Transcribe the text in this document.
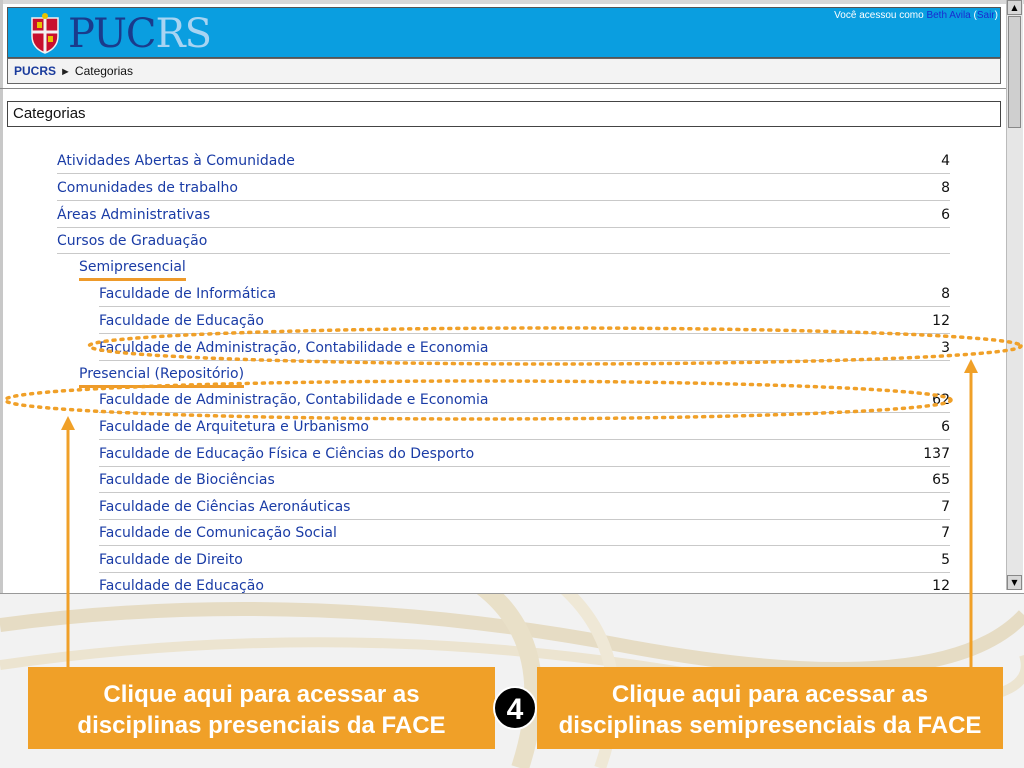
PUCRS	Você acessou como Beth Avila (Sair)
PUCRS ► Categorias
Categorias
Atividades Abertas à Comunidade	4
Comunidades de trabalho	8
Áreas Administrativas	6
Cursos de Graduação
Semipresencial
Faculdade de Informática	8
Faculdade de Educação	12
Faculdade de Administração, Contabilidade e Economia	3
Presencial (Repositório)
Faculdade de Administração, Contabilidade e Economia	62
Faculdade de Arquitetura e Urbanismo	6
Faculdade de Educação Física e Ciências do Desporto	137
Faculdade de Biociências	65
Faculdade de Ciências Aeronáuticas	7
Faculdade de Comunicação Social	7
Faculdade de Direito	5
Faculdade de Educação	12
▲
▼
Clique aqui para acessar as
disciplinas presenciais da FACE
Clique aqui para acessar as
disciplinas semipresenciais da FACE
4
